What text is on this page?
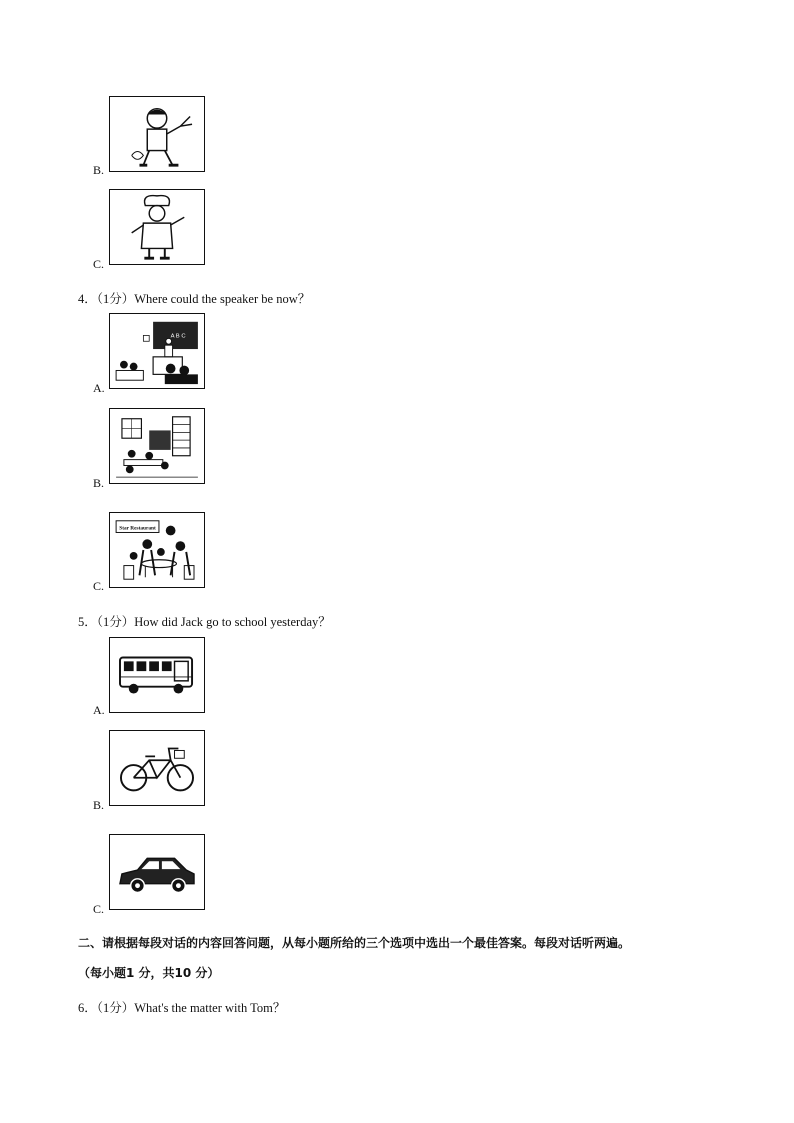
B.
C.
4．（1分）Where could the speaker be now？
A B C
A.
B.
Star Restaurant
C.
5．（1分）How did Jack go to school yesterday？
A.
B.
C.
二、请根据每段对话的内容回答问题，从每小题所给的三个选项中选出一个最佳答案。每段对话听两遍。
（每小题1 分，共10 分）
6．（1分）What's the matter with Tom？
